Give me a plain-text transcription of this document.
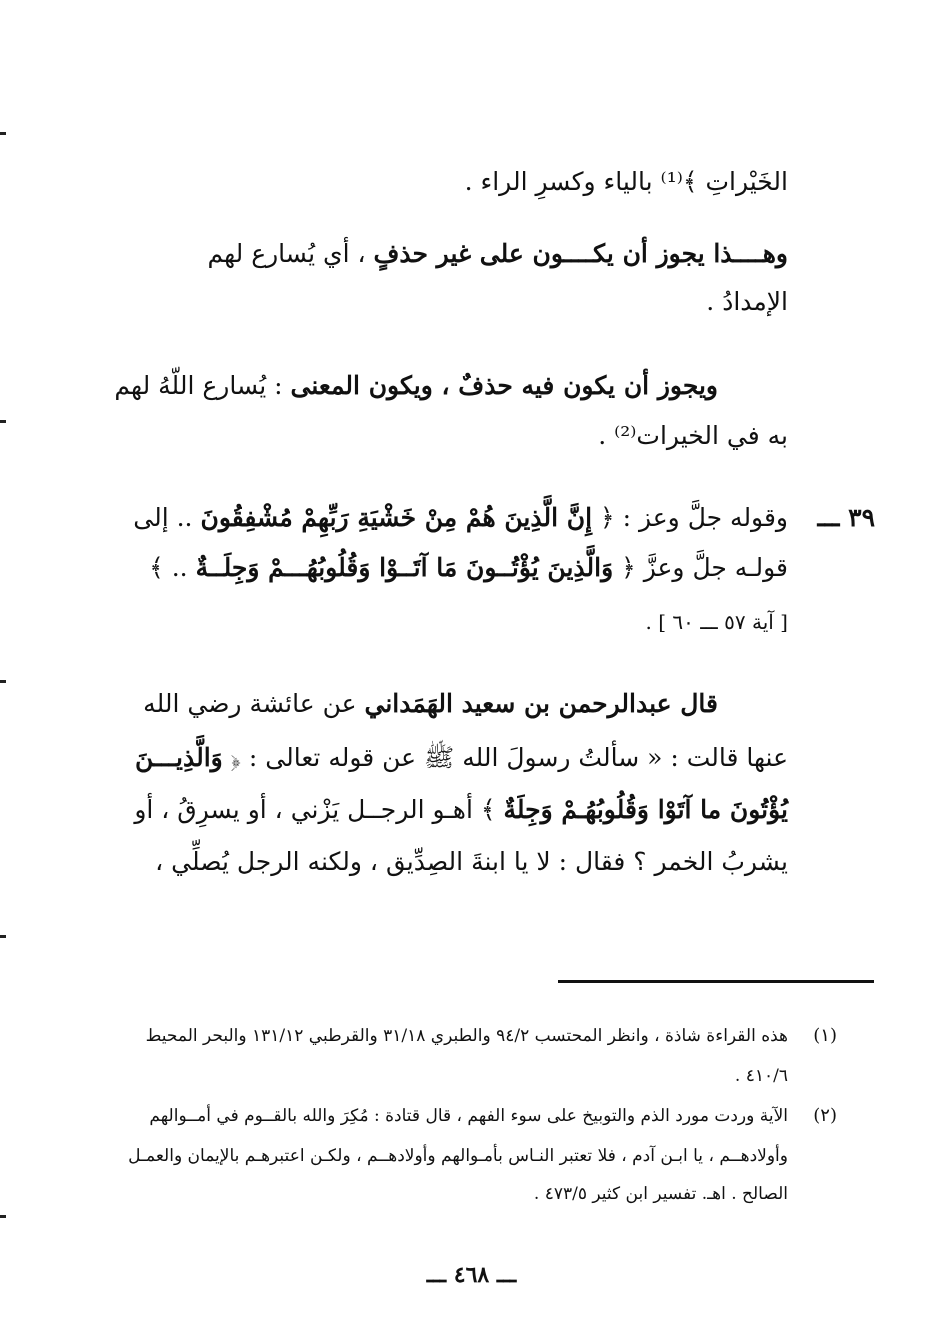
الخَيْراتِ ﴾⁽¹⁾ بالياء وكسرِ الراء .
وهــــذا يجوز أن يكــــون على غير حذفٍ ، أي يُسارع لهم
الإمدادُ .
ويجوز أن يكون فيه حذفٌ ، ويكون المعنى : يُسارع اللّهُ لهم
به في الخيرات⁽²⁾ .
٣٩ ـــ
وقوله جلَّ وعز : ﴿ إِنَّ الَّذِينَ هُمْ مِنْ خَشْيَةِ رَبِّهِمْ مُشْفِقُونَ .. إلى
قولـه جلَّ وعزَّ ﴿ وَالَّذِينَ يُؤْتُــونَ مَا آتَــوْا وَقُلُوبُهُـــمْ وَجِلَــةٌ .. ﴾
[ آية ٥٧ ـــ ٦٠ ] .
قال عبدالرحمن بن سعيد الهَمَداني عن عائشة رضي الله
عنها قالت : « سألتُ رسولَ الله ﷺ عن قوله تعالى : ﴿ وَالَّذِيـــنَ
يُؤْتُونَ ما آتَوْا وَقُلُوبُهُـمْ وَجِلَةٌ ﴾ أهـو الرجــل يَزْني ، أو يسرِقُ ، أو
يشربُ الخمر ؟ فقال : لا يا ابنةَ الصِدِّيق ، ولكنه الرجل يُصلِّي ،
(١)
هذه القراءة شاذة ، وانظر المحتسب ٩٤/٢ والطبري ٣١/١٨ والقرطبي ١٣١/١٢ والبحر المحيط
٤١٠/٦ .
(٢)
الآية وردت مورد الذم والتوبيخ على سوء الفهم ، قال قتادة : مُكِرَ والله بالقــوم في أمــوالهم
وأولادهــم ، يا ابـن آدم ، فلا تعتبر النـاس بأمـوالهم وأولادهــم ، ولكـن اعتبرهـم بالإيمان والعمـل
الصالح . اهـ. تفسير ابن كثير ٤٧٣/٥ .
ـــ ٤٦٨ ـــ
